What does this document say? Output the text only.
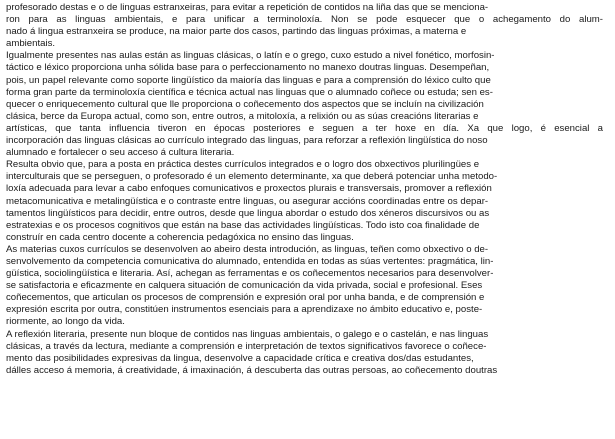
profesorado destas e o de linguas estranxeiras, para evitar a repetición de contidos na liña das que se menciona-
ron para as linguas ambientais, e para unificar a terminoloxía. Non se pode esquecer que o achegamento do alum-
nado á lingua estranxeira se produce, na maior parte dos casos, partindo das linguas próximas, a materna e
ambientais.
Igualmente presentes nas aulas están as linguas clásicas, o latín e o grego, cuxo estudo a nivel fonético, morfosin-
táctico e léxico proporciona unha sólida base para o perfeccionamento no manexo doutras linguas. Desempeñan,
pois, un papel relevante como soporte lingüístico da maioría das linguas e para a comprensión do léxico culto que
forma gran parte da terminoloxía científica e técnica actual nas linguas que o alumnado coñece ou estuda; sen es-
quecer o enriquecemento cultural que lle proporciona o coñecemento dos aspectos que se incluín na civilización
clásica, berce da Europa actual, como son, entre outros, a mitoloxía, a relixión ou as súas creacións literarias e
artísticas, que tanta influencia tiveron en épocas posteriores e seguen a ter hoxe en día. Xa que logo, é esencial a
incorporación das linguas clásicas ao currículo integrado das linguas, para reforzar a reflexión lingüística do noso
alumnado e fortalecer o seu acceso á cultura literaria.
Resulta obvio que, para a posta en práctica destes currículos integrados e o logro dos obxectivos plurilingües e
interculturais que se perseguen, o profesorado é un elemento determinante, xa que deberá potenciar unha metodo-
loxía adecuada para levar a cabo enfoques comunicativos e proxectos plurais e transversais, promover a reflexión
metacomunicativa e metalingüística e o contraste entre linguas, ou asegurar accións coordinadas entre os depar-
tamentos lingüísticos para decidir, entre outros, desde que lingua abordar o estudo dos xéneros discursivos ou as
estratexias e os procesos cognitivos que están na base das actividades lingüísticas. Todo isto coa finalidade de
construír en cada centro docente a coherencia pedagóxica no ensino das linguas.
As materias cuxos currículos se desenvolven ao abeiro desta introdución, as linguas, teñen como obxectivo o de-
senvolvemento da competencia comunicativa do alumnado, entendida en todas as súas vertentes: pragmática, lin-
güística, sociolingüística e literaria. Así, achegan as ferramentas e os coñecementos necesarios para desenvolver-
se satisfactoria e eficazmente en calquera situación de comunicación da vida privada, social e profesional. Eses
coñecementos, que articulan os procesos de comprensión e expresión oral por unha banda, e de comprensión e
expresión escrita por outra, constitúen instrumentos esenciais para a aprendizaxe no ámbito educativo e, poste-
riormente, ao longo da vida.
A reflexión literaria, presente nun bloque de contidos nas linguas ambientais, o galego e o castelán, e nas linguas
clásicas, a través da lectura, mediante a comprensión e interpretación de textos significativos favorece o coñece-
mento das posibilidades expresivas da lingua, desenvolve a capacidade crítica e creativa dos/das estudantes,
dálles acceso á memoria, á creatividade, á imaxinación, á descuberta das outras persoas, ao coñecemento doutras
